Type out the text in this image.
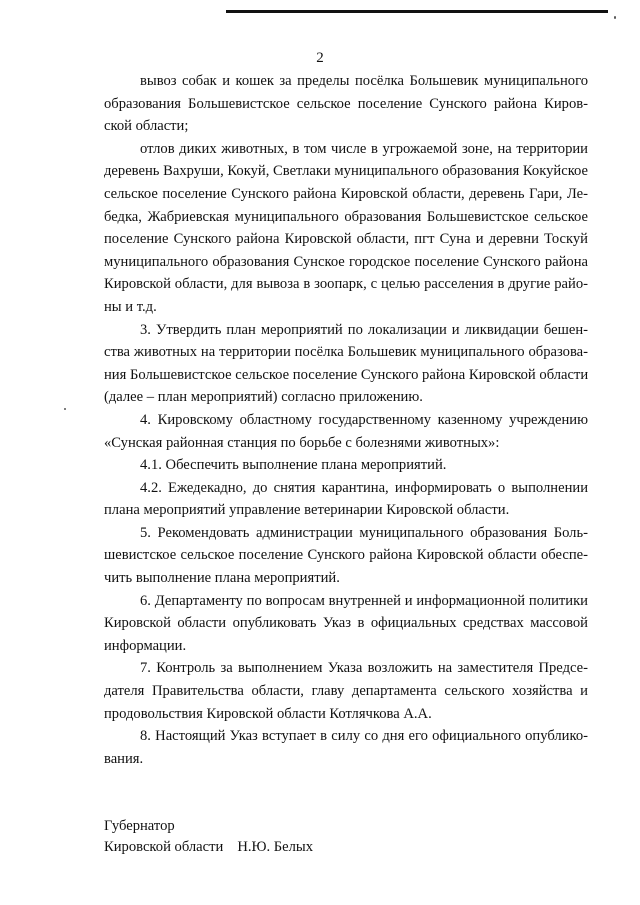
2
вывоз собак и кошек за пределы посёлка Большевик муниципального
образования Большевистское сельское поселение Сунского района Киров-
ской области;
отлов диких животных, в том числе в угрожаемой зоне, на территории
деревень Вахруши, Кокуй, Светлаки муниципального образования Кокуйское
сельское поселение Сунского района Кировской области, деревень Гари, Ле-
бедка, Жабриевская муниципального образования Большевистское сельское
поселение Сунского района Кировской области, пгт Суна и деревни Тоскуй
муниципального образования Сунское городское поселение Сунского района
Кировской области, для вывоза в зоопарк, с целью расселения в другие райо-
ны и т.д.
3. Утвердить план мероприятий по локализации и ликвидации бешен-
ства животных на территории посёлка Большевик муниципального образова-
ния Большевистское сельское поселение Сунского района Кировской области
(далее – план мероприятий) согласно приложению.
4. Кировскому областному государственному казенному учреждению
«Сунская районная станция по борьбе с болезнями животных»:
4.1. Обеспечить выполнение плана мероприятий.
4.2. Ежедекадно, до снятия карантина, информировать о выполнении
плана мероприятий управление ветеринарии Кировской области.
5. Рекомендовать администрации муниципального образования Боль-
шевистское сельское поселение Сунского района Кировской области обеспе-
чить выполнение плана мероприятий.
6. Департаменту по вопросам внутренней и информационной политики
Кировской области опубликовать Указ в официальных средствах массовой
информации.
7. Контроль за выполнением Указа возложить на заместителя Предсе-
дателя Правительства области, главу департамента сельского хозяйства и
продовольствия Кировской области Котлячкова А.А.
8. Настоящий Указ вступает в силу со дня его официального опублико-
вания.
Губернатор
Кировской области Н.Ю. Белых
